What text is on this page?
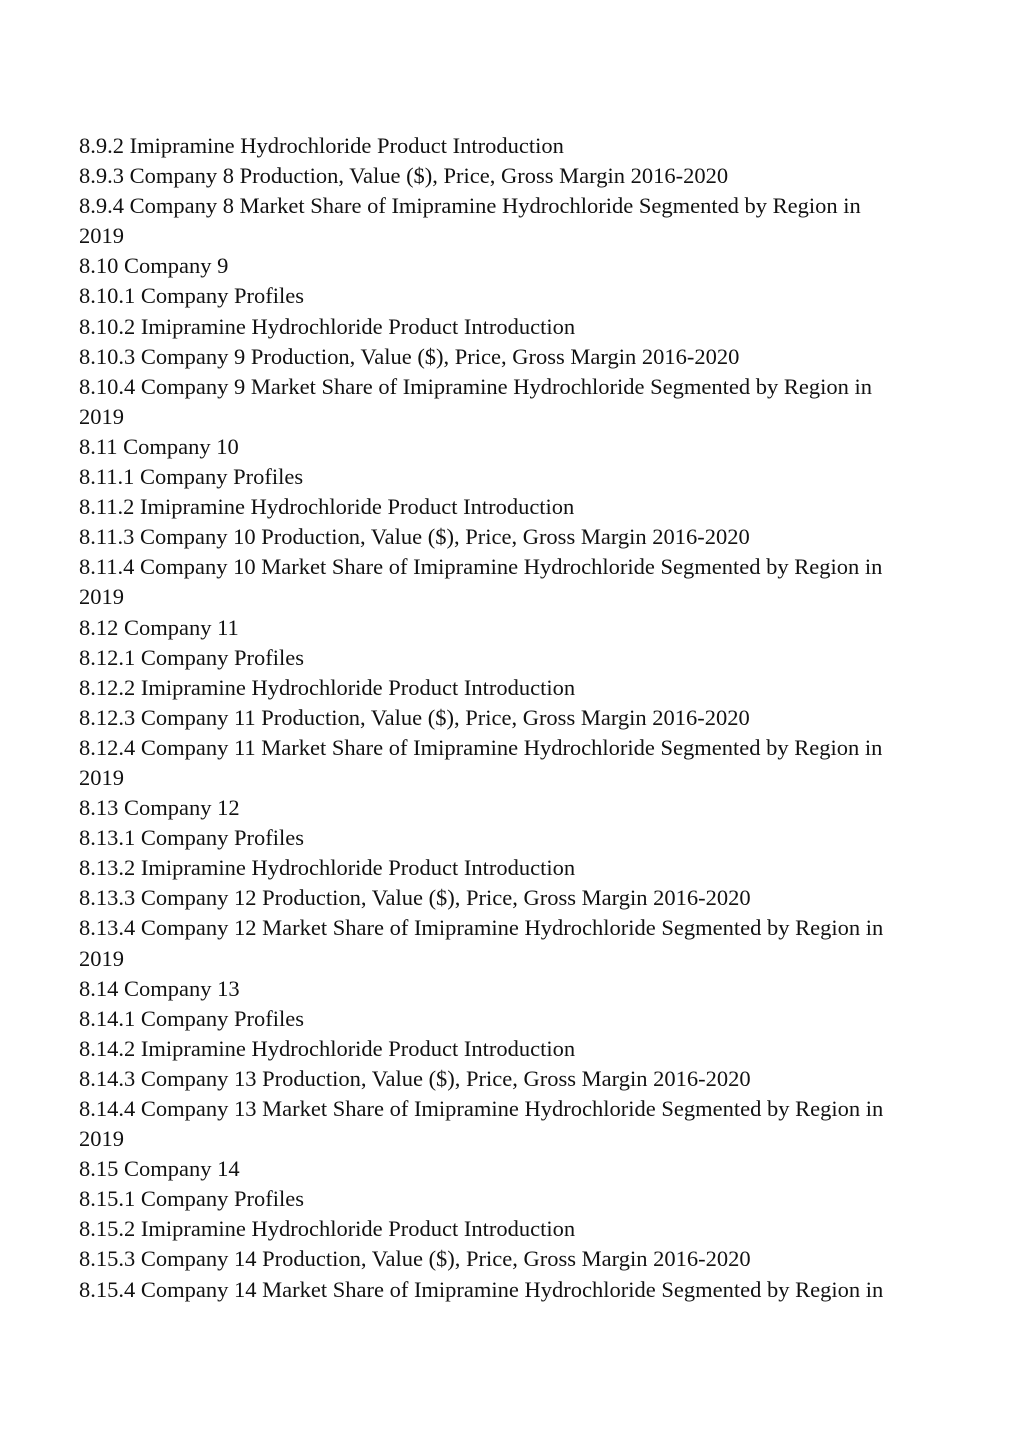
8.9.2 Imipramine Hydrochloride Product Introduction
8.9.3 Company 8 Production, Value ($), Price, Gross Margin 2016-2020
8.9.4 Company 8 Market Share of Imipramine Hydrochloride Segmented by Region in
2019
8.10 Company 9
8.10.1 Company Profiles
8.10.2 Imipramine Hydrochloride Product Introduction
8.10.3 Company 9 Production, Value ($), Price, Gross Margin 2016-2020
8.10.4 Company 9 Market Share of Imipramine Hydrochloride Segmented by Region in
2019
8.11 Company 10
8.11.1 Company Profiles
8.11.2 Imipramine Hydrochloride Product Introduction
8.11.3 Company 10 Production, Value ($), Price, Gross Margin 2016-2020
8.11.4 Company 10 Market Share of Imipramine Hydrochloride Segmented by Region in
2019
8.12 Company 11
8.12.1 Company Profiles
8.12.2 Imipramine Hydrochloride Product Introduction
8.12.3 Company 11 Production, Value ($), Price, Gross Margin 2016-2020
8.12.4 Company 11 Market Share of Imipramine Hydrochloride Segmented by Region in
2019
8.13 Company 12
8.13.1 Company Profiles
8.13.2 Imipramine Hydrochloride Product Introduction
8.13.3 Company 12 Production, Value ($), Price, Gross Margin 2016-2020
8.13.4 Company 12 Market Share of Imipramine Hydrochloride Segmented by Region in
2019
8.14 Company 13
8.14.1 Company Profiles
8.14.2 Imipramine Hydrochloride Product Introduction
8.14.3 Company 13 Production, Value ($), Price, Gross Margin 2016-2020
8.14.4 Company 13 Market Share of Imipramine Hydrochloride Segmented by Region in
2019
8.15 Company 14
8.15.1 Company Profiles
8.15.2 Imipramine Hydrochloride Product Introduction
8.15.3 Company 14 Production, Value ($), Price, Gross Margin 2016-2020
8.15.4 Company 14 Market Share of Imipramine Hydrochloride Segmented by Region in
